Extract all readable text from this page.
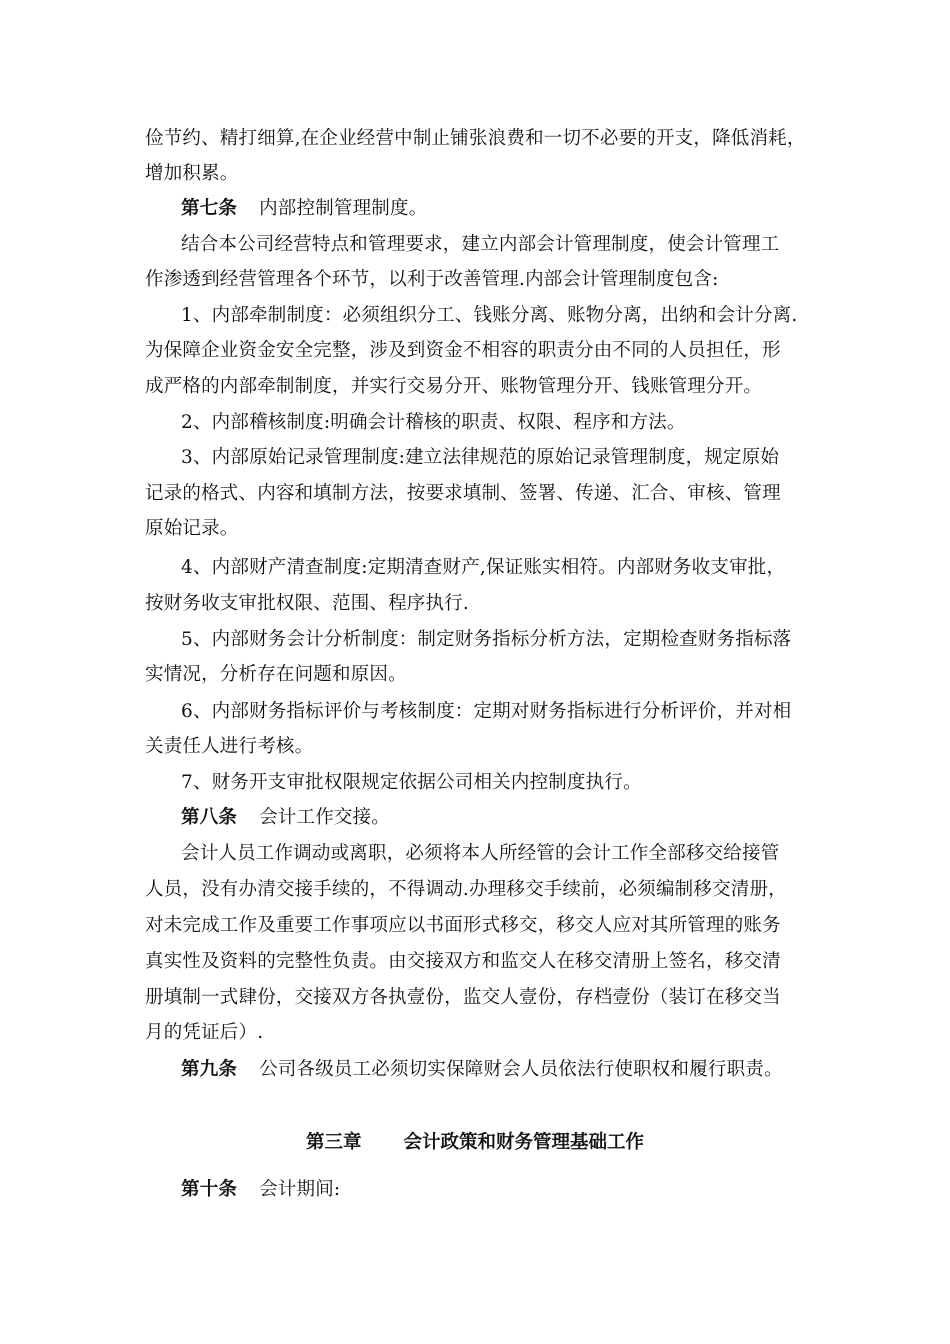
俭节约、精打细算,在企业经营中制止铺张浪费和一切不必要的开支，降低消耗，
增加积累。
第七条 内部控制管理制度。
结合本公司经营特点和管理要求，建立内部会计管理制度，使会计管理工
作渗透到经营管理各个环节，以利于改善管理.内部会计管理制度包含:
1、内部牵制制度：必须组织分工、钱账分离、账物分离，出纳和会计分离.
为保障企业资金安全完整，涉及到资金不相容的职责分由不同的人员担任，形
成严格的内部牵制制度，并实行交易分开、账物管理分开、钱账管理分开。
2、内部稽核制度:明确会计稽核的职责、权限、程序和方法。
3、内部原始记录管理制度:建立法律规范的原始记录管理制度，规定原始
记录的格式、内容和填制方法，按要求填制、签署、传递、汇合、审核、管理
原始记录。
4、内部财产清查制度:定期清查财产,保证账实相符。内部财务收支审批，
按财务收支审批权限、范围、程序执行.
5、内部财务会计分析制度：制定财务指标分析方法，定期检查财务指标落
实情况，分析存在问题和原因。
6、内部财务指标评价与考核制度：定期对财务指标进行分析评价，并对相
关责任人进行考核。
7、财务开支审批权限规定依据公司相关内控制度执行。
第八条 会计工作交接。
会计人员工作调动或离职，必须将本人所经管的会计工作全部移交给接管
人员，没有办清交接手续的，不得调动.办理移交手续前，必须编制移交清册，
对未完成工作及重要工作事项应以书面形式移交，移交人应对其所管理的账务
真实性及资料的完整性负责。由交接双方和监交人在移交清册上签名，移交清
册填制一式肆份，交接双方各执壹份，监交人壹份，存档壹份（装订在移交当
月的凭证后）.
第九条 公司各级员工必须切实保障财会人员依法行使职权和履行职责。
第三章 会计政策和财务管理基础工作
第十条 会计期间:
